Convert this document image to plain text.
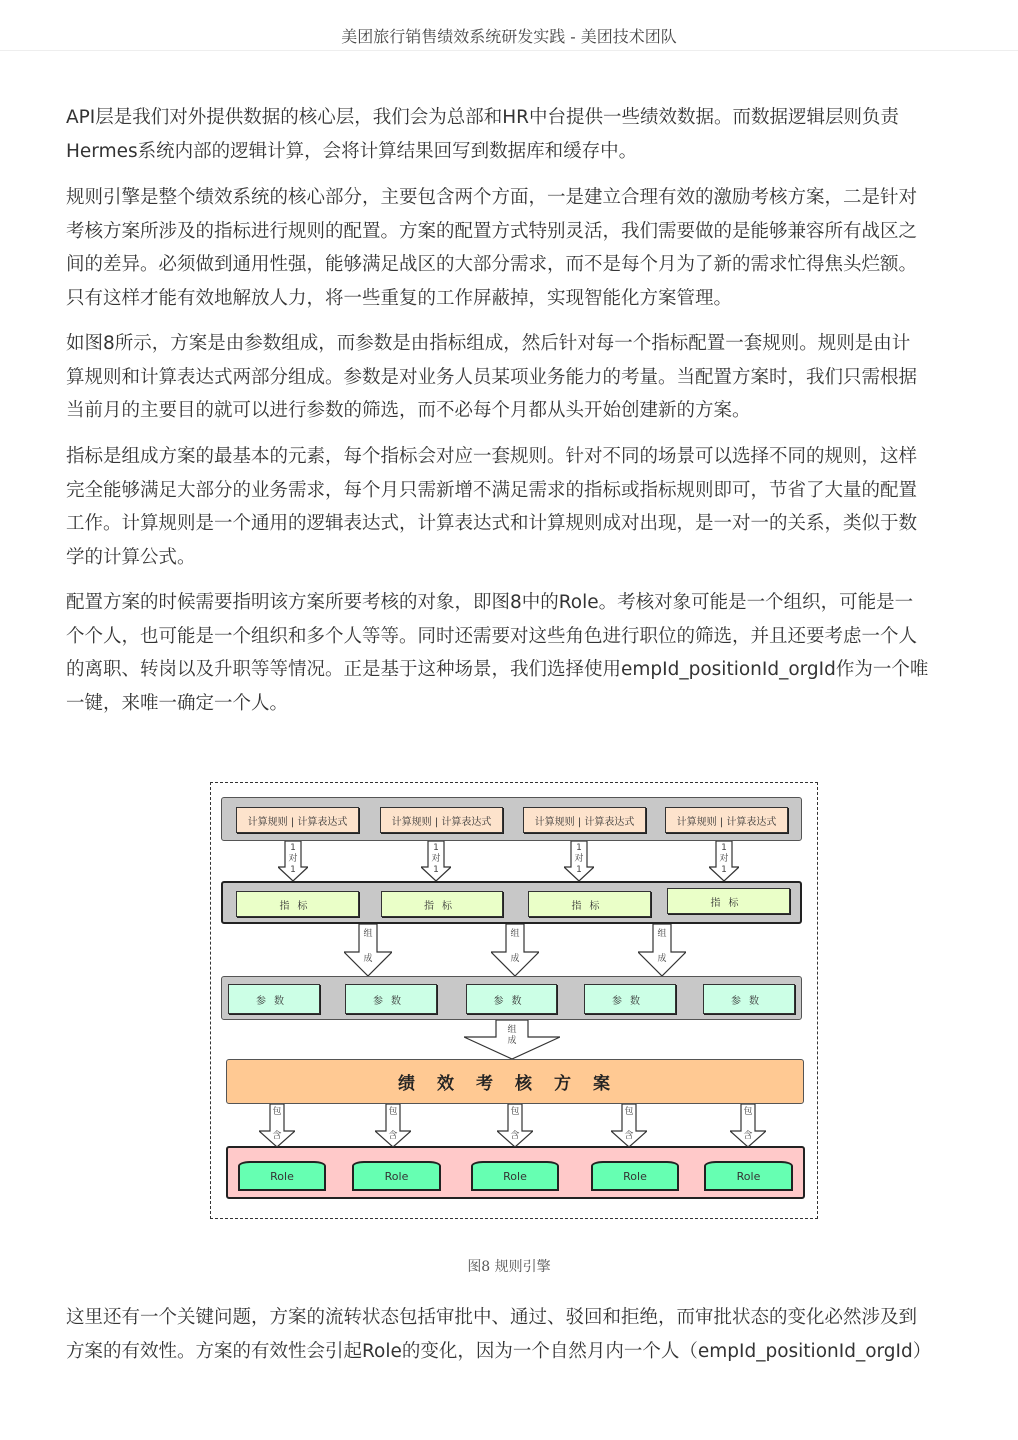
美团旅行销售绩效系统研发实践 - 美团技术团队
API层是我们对外提供数据的核心层，我们会为总部和HR中台提供一些绩效数据。而数据逻辑层则负责
Hermes系统内部的逻辑计算，会将计算结果回写到数据库和缓存中。
规则引擎是整个绩效系统的核心部分，主要包含两个方面，一是建立合理有效的激励考核方案，二是针对
考核方案所涉及的指标进行规则的配置。方案的配置方式特别灵活，我们需要做的是能够兼容所有战区之
间的差异。必须做到通用性强，能够满足战区的大部分需求，而不是每个月为了新的需求忙得焦头烂额。
只有这样才能有效地解放人力，将一些重复的工作屏蔽掉，实现智能化方案管理。
如图8所示，方案是由参数组成，而参数是由指标组成，然后针对每一个指标配置一套规则。规则是由计
算规则和计算表达式两部分组成。参数是对业务人员某项业务能力的考量。当配置方案时，我们只需根据
当前月的主要目的就可以进行参数的筛选，而不必每个月都从头开始创建新的方案。
指标是组成方案的最基本的元素，每个指标会对应一套规则。针对不同的场景可以选择不同的规则，这样
完全能够满足大部分的业务需求，每个月只需新增不满足需求的指标或指标规则即可，节省了大量的配置
工作。计算规则是一个通用的逻辑表达式，计算表达式和计算规则成对出现，是一对一的关系，类似于数
学的计算公式。
配置方案的时候需要指明该方案所要考核的对象，即图8中的Role。考核对象可能是一个组织，可能是一
个个人，也可能是一个组织和多个人等等。同时还需要对这些角色进行职位的筛选，并且还要考虑一个人
的离职、转岗以及升职等等情况。正是基于这种场景，我们选择使用empId_positionId_orgId作为一个唯
一键，来唯一确定一个人。
绩效考核方案
计算规则 | 计算表达式	计算规则 | 计算表达式	计算规则 | 计算表达式	计算规则 | 计算表达式
指标	指标	指标	指标
参数	参数	参数	参数	参数
Role	Role	Role	Role	Role
1
对
1
1
对
1
1
对
1
1
对
1
组
成
组
成
组
成
组
成
包
含
包
含
包
含
包
含
包
含
图8 规则引擎
这里还有一个关键问题，方案的流转状态包括审批中、通过、驳回和拒绝，而审批状态的变化必然涉及到
方案的有效性。方案的有效性会引起Role的变化，因为一个自然月内一个人（empId_positionId_orgId）
